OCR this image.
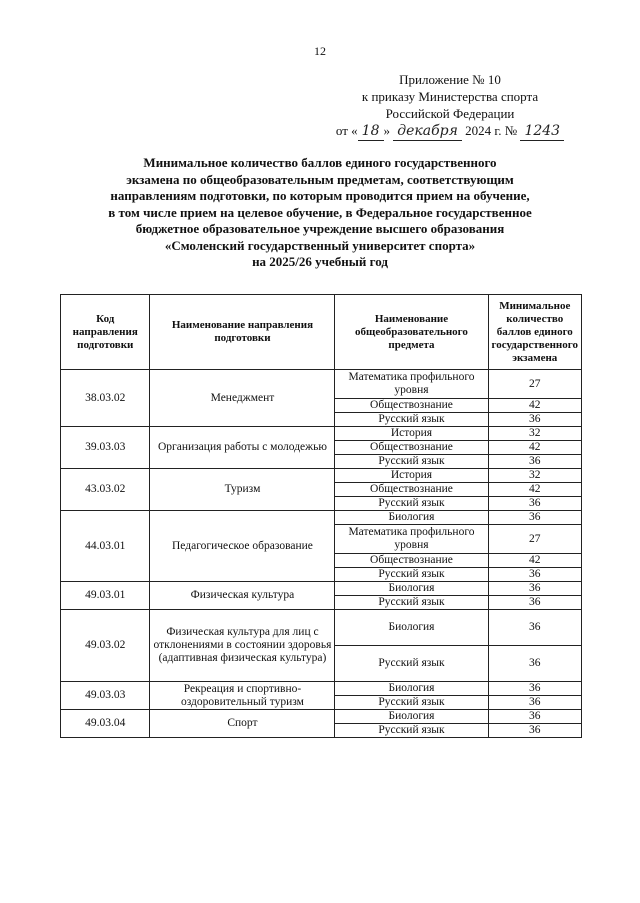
12
Приложение № 10
к приказу Министерства спорта
Российской Федерации
от « 18 » декабря 2024 г. № 1243
Минимальное количество баллов единого государственного
экзамена по общеобразовательным предметам, соответствующим
направлениям подготовки, по которым проводится прием на обучение,
в том числе прием на целевое обучение, в Федеральное государственное
бюджетное образовательное учреждение высшего образования
«Смоленский государственный университет спорта»
на 2025/26 учебный год
Код направления подготовки	Наименование направления подготовки	Наименование общеобразовательного предмета	Минимальное количество баллов единого государственного экзамена
38.03.02	Менеджмент	Математика профильного уровня	27
		Обществознание	42
		Русский язык	36
39.03.03	Организация работы с молодежью	История	32
		Обществознание	42
		Русский язык	36
43.03.02	Туризм	История	32
		Обществознание	42
		Русский язык	36
44.03.01	Педагогическое образование	Биология	36
		Математика профильного уровня	27
		Обществознание	42
		Русский язык	36
49.03.01	Физическая культура	Биология	36
		Русский язык	36
49.03.02	Физическая культура для лиц с отклонениями в состоянии здоровья (адаптивная физическая культура)	Биология	36
		Русский язык	36
49.03.03	Рекреация и спортивно-оздоровительный туризм	Биология	36
		Русский язык	36
49.03.04	Спорт	Биология	36
		Русский язык	36
